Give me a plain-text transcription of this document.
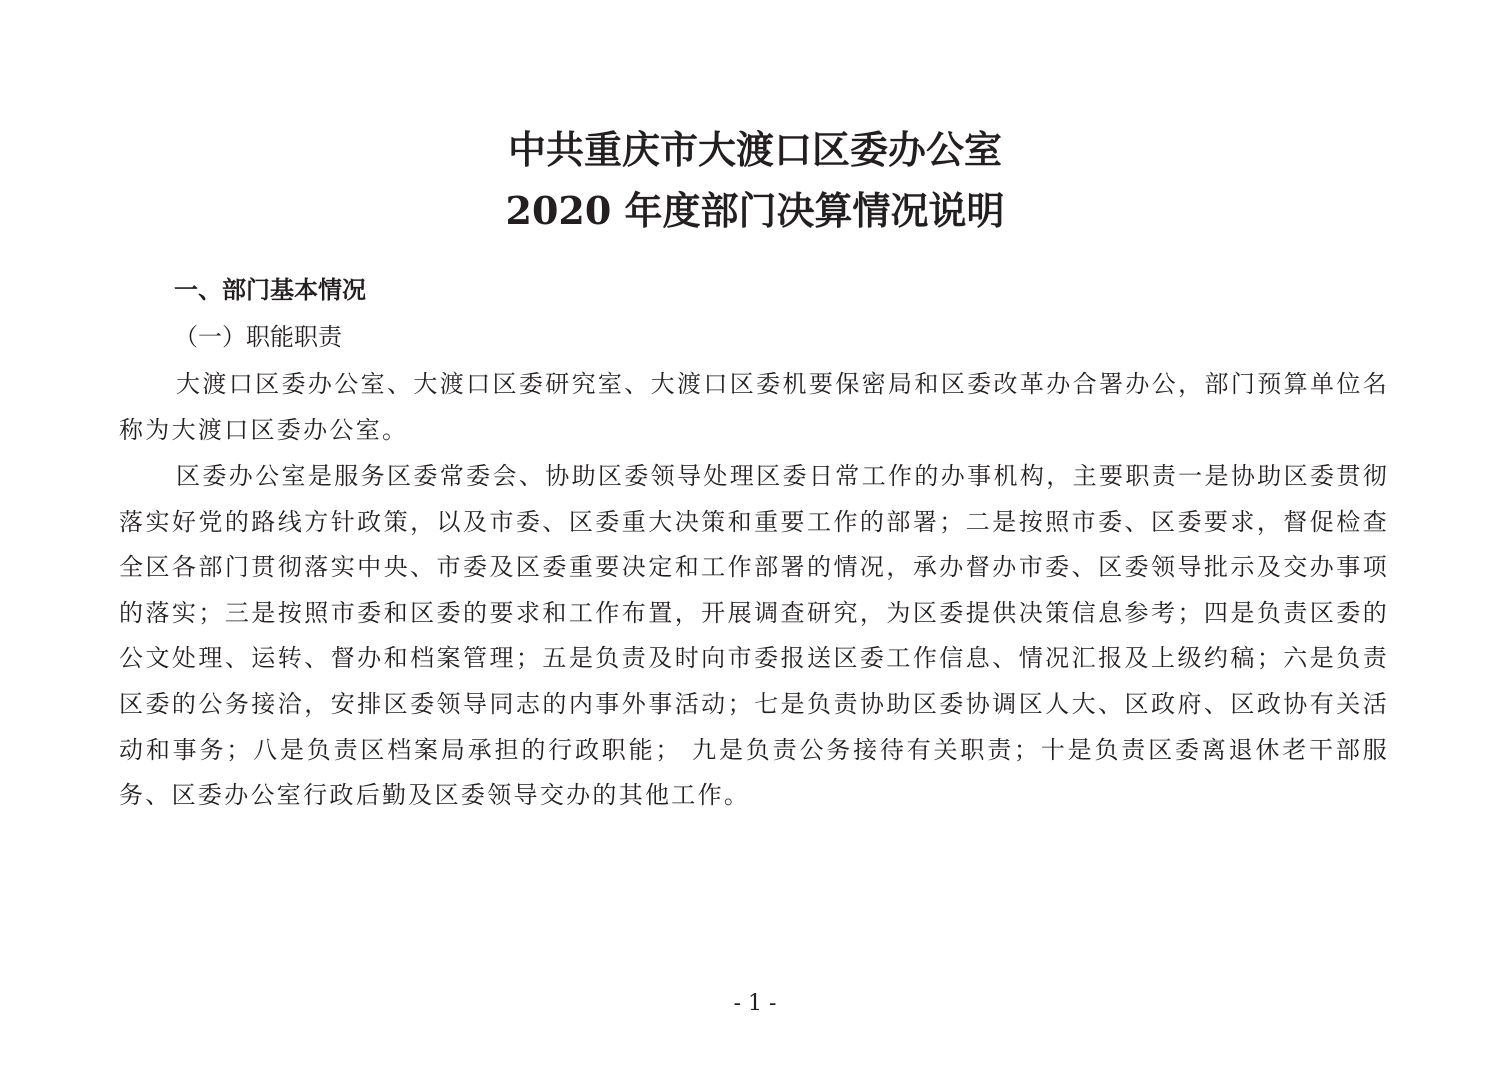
中共重庆市大渡口区委办公室
2020 年度部门决算情况说明
一、部门基本情况
（一）职能职责

大渡口区委办公室、大渡口区委研究室、大渡口区委机要保密局和区委改革办合署办公，部门预算单位名称为大渡口区委办公室。

区委办公室是服务区委常委会、协助区委领导处理区委日常工作的办事机构，主要职责一是协助区委贯彻落实好党的路线方针政策，以及市委、区委重大决策和重要工作的部署；二是按照市委、区委要求，督促检查全区各部门贯彻落实中央、市委及区委重要决定和工作部署的情况，承办督办市委、区委领导批示及交办事项的落实；三是按照市委和区委的要求和工作布置，开展调查研究，为区委提供决策信息参考；四是负责区委的公文处理、运转、督办和档案管理；五是负责及时向市委报送区委工作信息、情况汇报及上级约稿；六是负责区委的公务接洽，安排区委领导同志的内事外事活动；七是负责协助区委协调区人大、区政府、区政协有关活动和事务；八是负责区档案局承担的行政职能； 九是负责公务接待有关职责；十是负责区委离退休老干部服务、区委办公室行政后勤及区委领导交办的其他工作。

- 1 -
